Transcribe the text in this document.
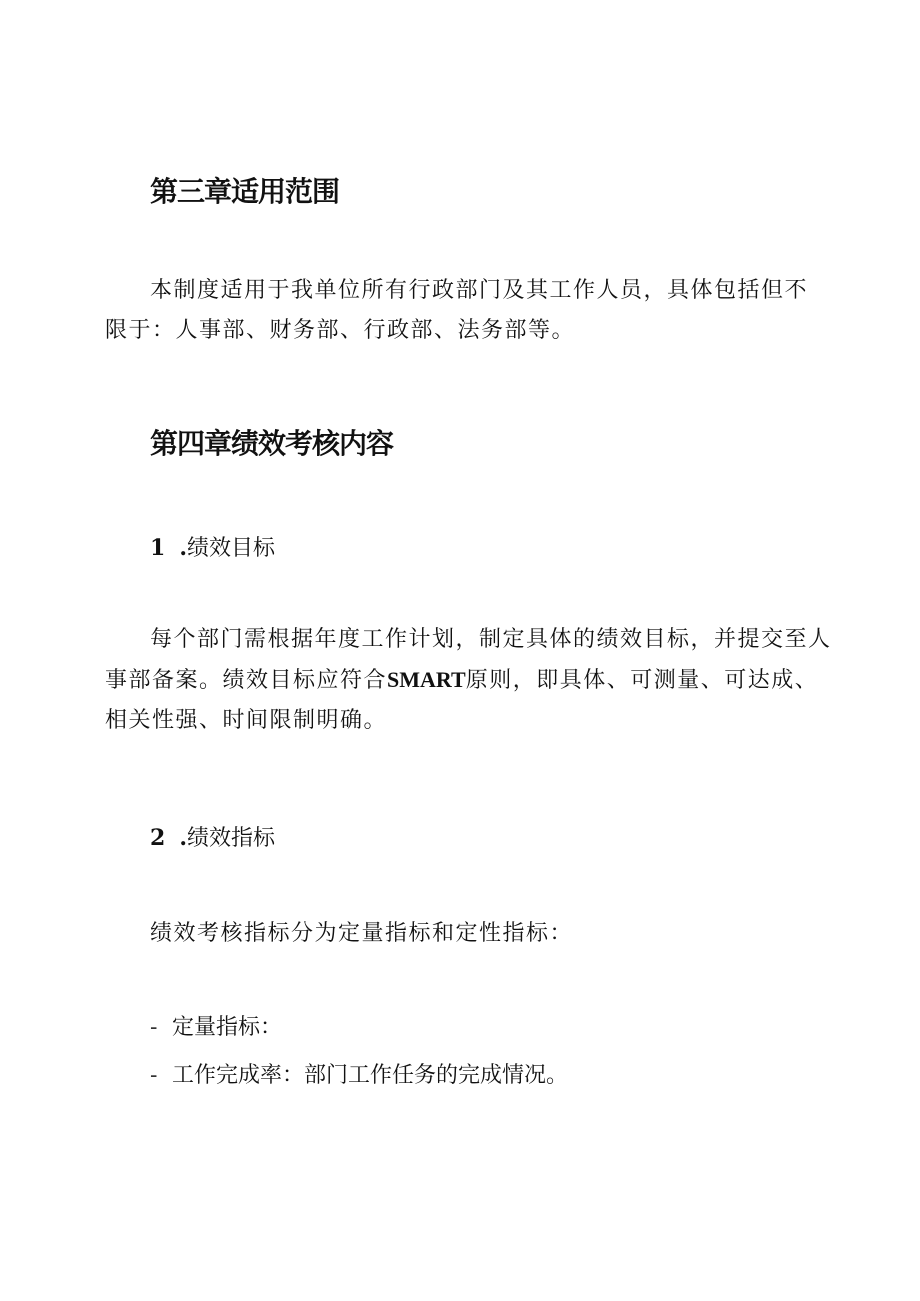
第三章适用范围
本制度适用于我单位所有行政部门及其工作人员，具体包括但不
限于：人事部、财务部、行政部、法务部等。
第四章绩效考核内容
1 .绩效目标
每个部门需根据年度工作计划，制定具体的绩效目标，并提交至人
事部备案。绩效目标应符合SMART原则，即具体、可测量、可达成、
相关性强、时间限制明确。
2 .绩效指标
绩效考核指标分为定量指标和定性指标：
- 定量指标：
- 工作完成率：部门工作任务的完成情况。
